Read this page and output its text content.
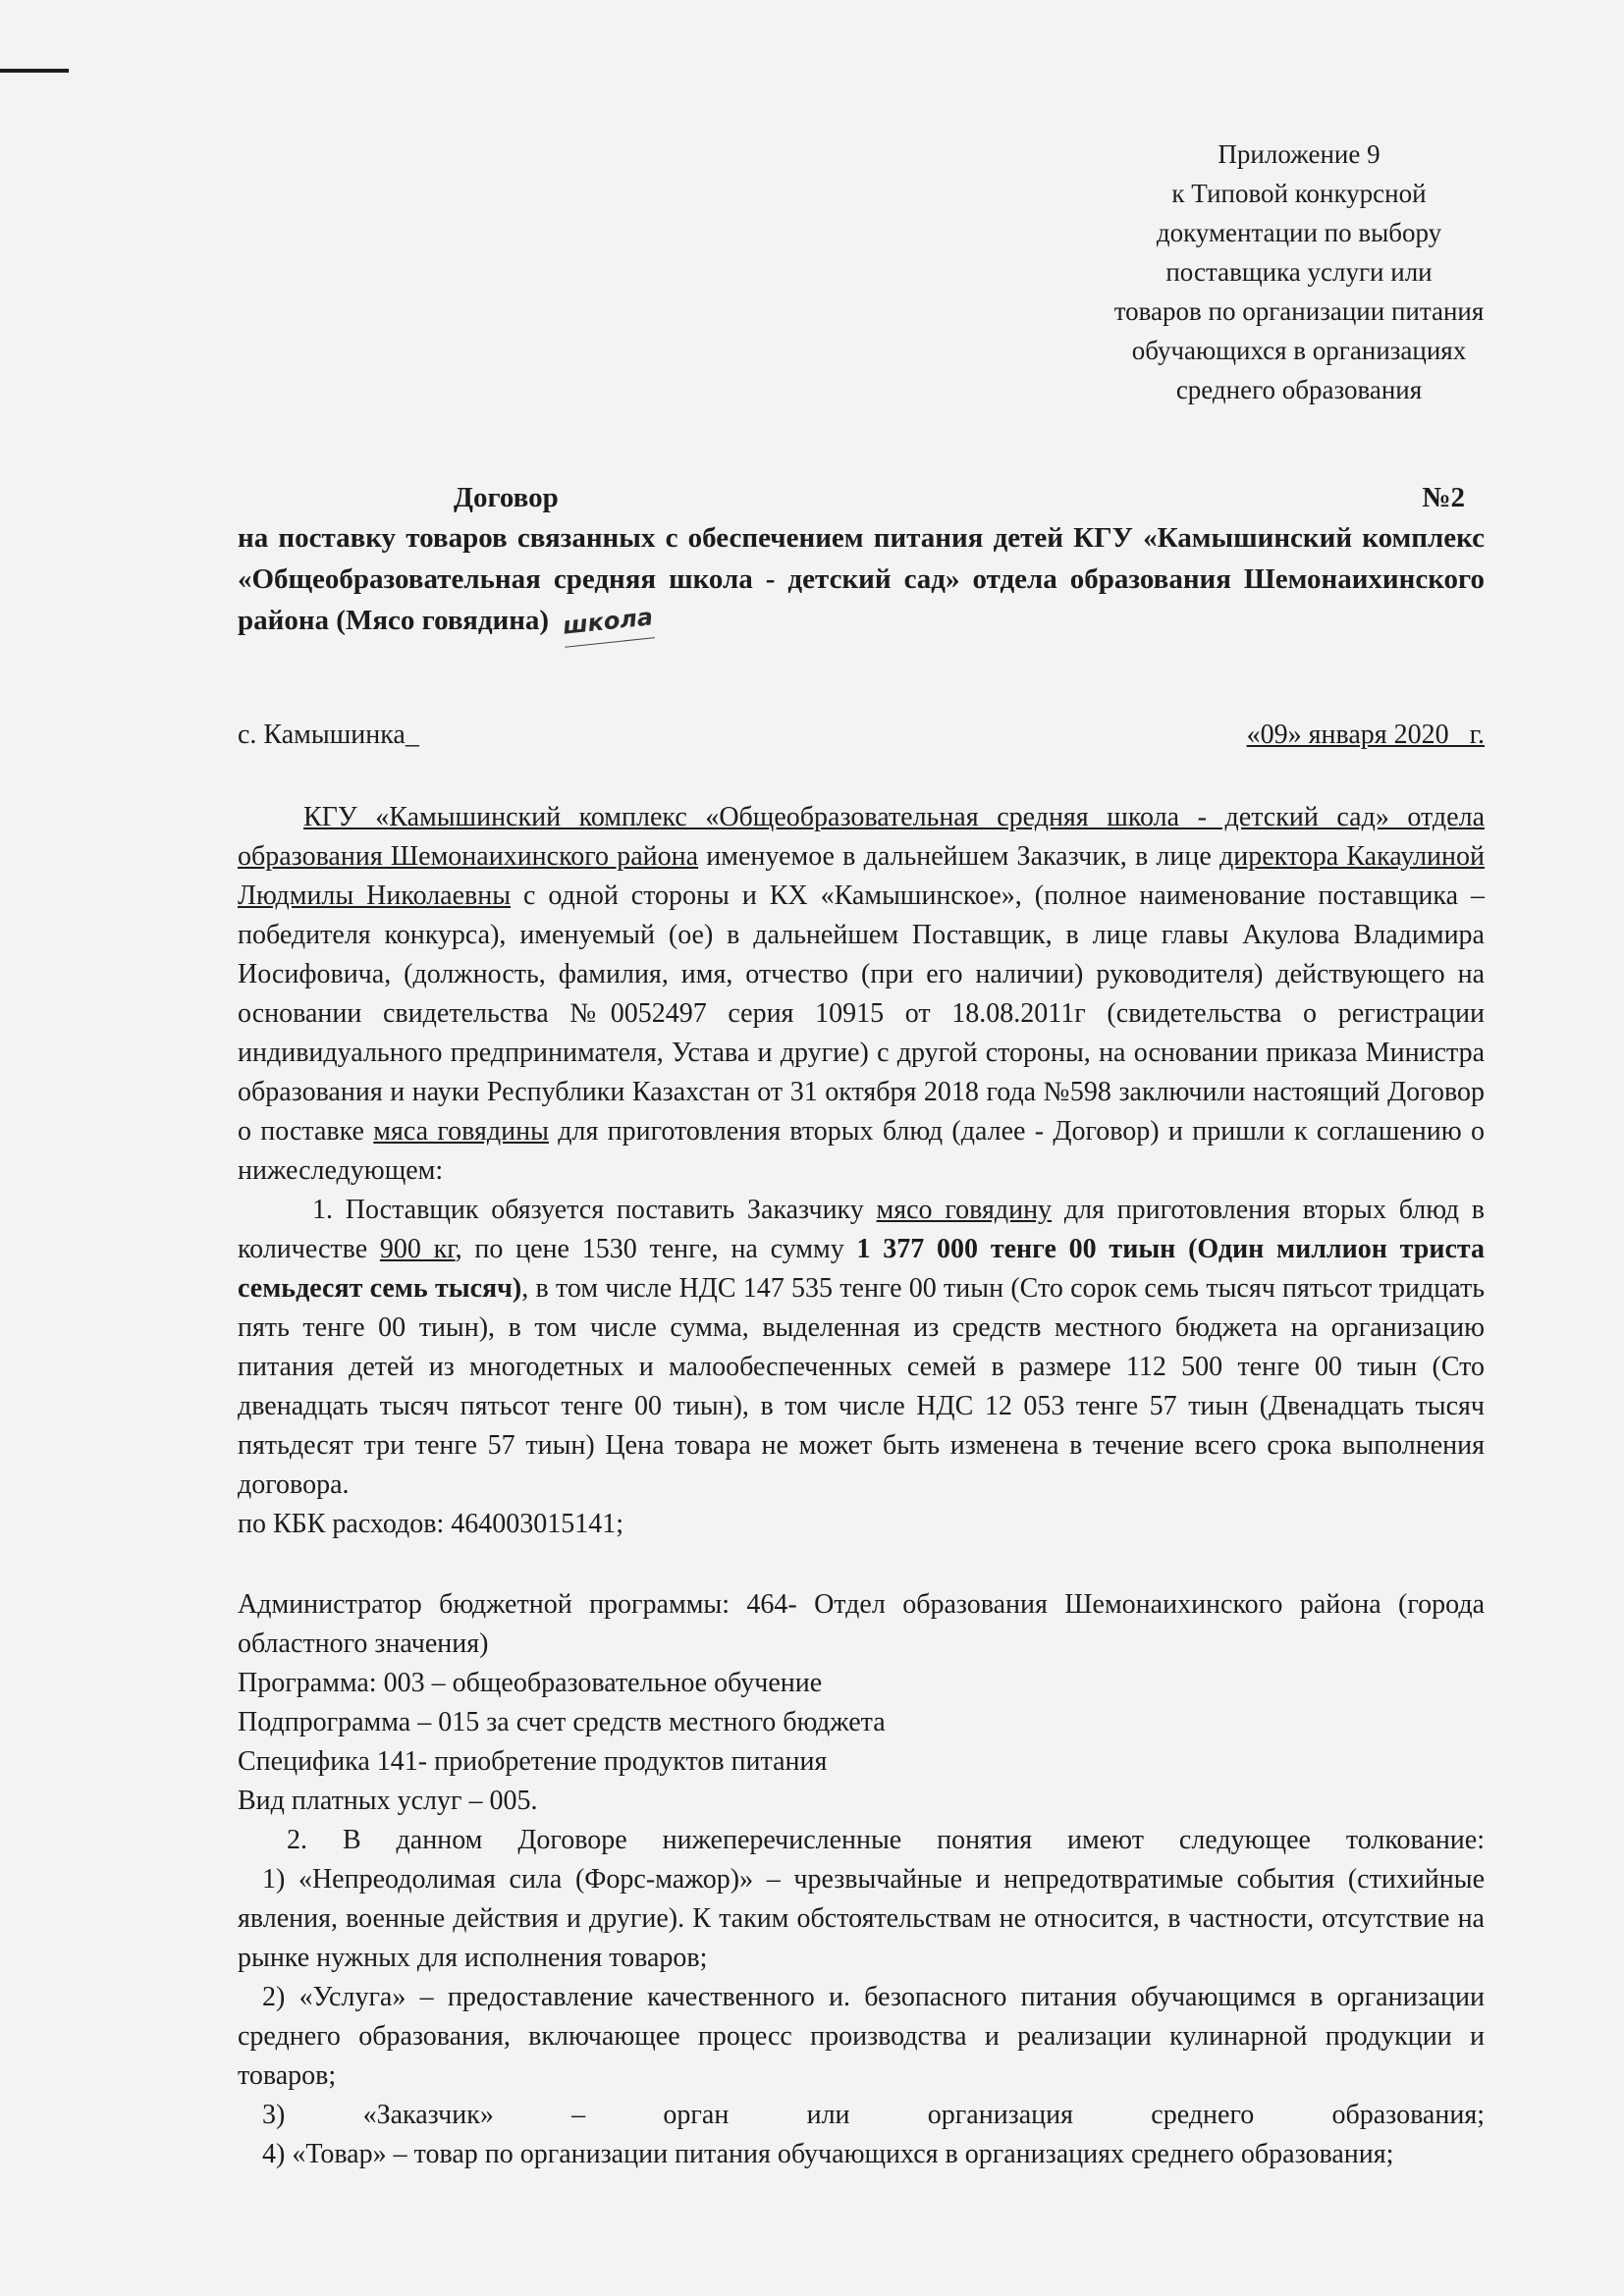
Приложение 9
к Типовой конкурсной
документации по выбору
поставщика услуги или
товаров по организации питания
обучающихся в организациях
среднего образования
Договор	№2
на поставку товаров связанных с обеспечением питания детей КГУ «Камышинский комплекс «Общеобразовательная средняя школа - детский сад» отдела образования Шемонаихинского района (Мясо говядина) школа
с. Камышинка_	«09» января 2020_ г.

КГУ «Камышинский комплекс «Общеобразовательная средняя школа - детский сад» отдела образования Шемонаихинского района именуемое в дальнейшем Заказчик, в лице директора Какаулиной Людмилы Николаевны с одной стороны и КХ «Камышинское», (полное наименование поставщика – победителя конкурса), именуемый (ое) в дальнейшем Поставщик, в лице главы Акулова Владимира Иосифовича, (должность, фамилия, имя, отчество (при его наличии) руководителя) действующего на основании свидетельства №0052497 серия 10915 от 18.08.2011г (свидетельства о регистрации индивидуального предпринимателя, Устава и другие) с другой стороны, на основании приказа Министра образования и науки Республики Казахстан от 31 октября 2018 года №598 заключили настоящий Договор о поставке мяса говядины для приготовления вторых блюд (далее - Договор) и пришли к соглашению о нижеследующем:

1. Поставщик обязуется поставить Заказчику мясо говядину для приготовления вторых блюд в количестве 900 кг, по цене 1530 тенге, на сумму 1 377 000 тенге 00 тиын (Один миллион триста семьдесят семь тысяч), в том числе НДС 147 535 тенге 00 тиын (Сто сорок семь тысяч пятьсот тридцать пять тенге 00 тиын), в том числе сумма, выделенная из средств местного бюджета на организацию питания детей из многодетных и малообеспеченных семей в размере 112 500 тенге 00 тиын (Сто двенадцать тысяч пятьсот тенге 00 тиын), в том числе НДС 12 053 тенге 57 тиын (Двенадцать тысяч пятьдесят три тенге 57 тиын) Цена товара не может быть изменена в течение всего срока выполнения договора.

по КБК расходов: 464003015141;

Администратор бюджетной программы: 464- Отдел образования Шемонаихинского района (города областного значения)

Программа: 003 – общеобразовательное обучение

Подпрограмма – 015 за счет средств местного бюджета

Специфика 141- приобретение продуктов питания

Вид платных услуг – 005.

2. В данном Договоре нижеперечисленные понятия имеют следующее толкование:

1) «Непреодолимая сила (Форс-мажор)» – чрезвычайные и непредотвратимые события (стихийные явления, военные действия и другие). К таким обстоятельствам не относится, в частности, отсутствие на рынке нужных для исполнения товаров;

2) «Услуга» – предоставление качественного и. безопасного питания обучающимся в организации среднего образования, включающее процесс производства и реализации кулинарной продукции и товаров;

3) «Заказчик» – орган или организация среднего образования;

4) «Товар» – товар по организации питания обучающихся в организациях среднего образования;
